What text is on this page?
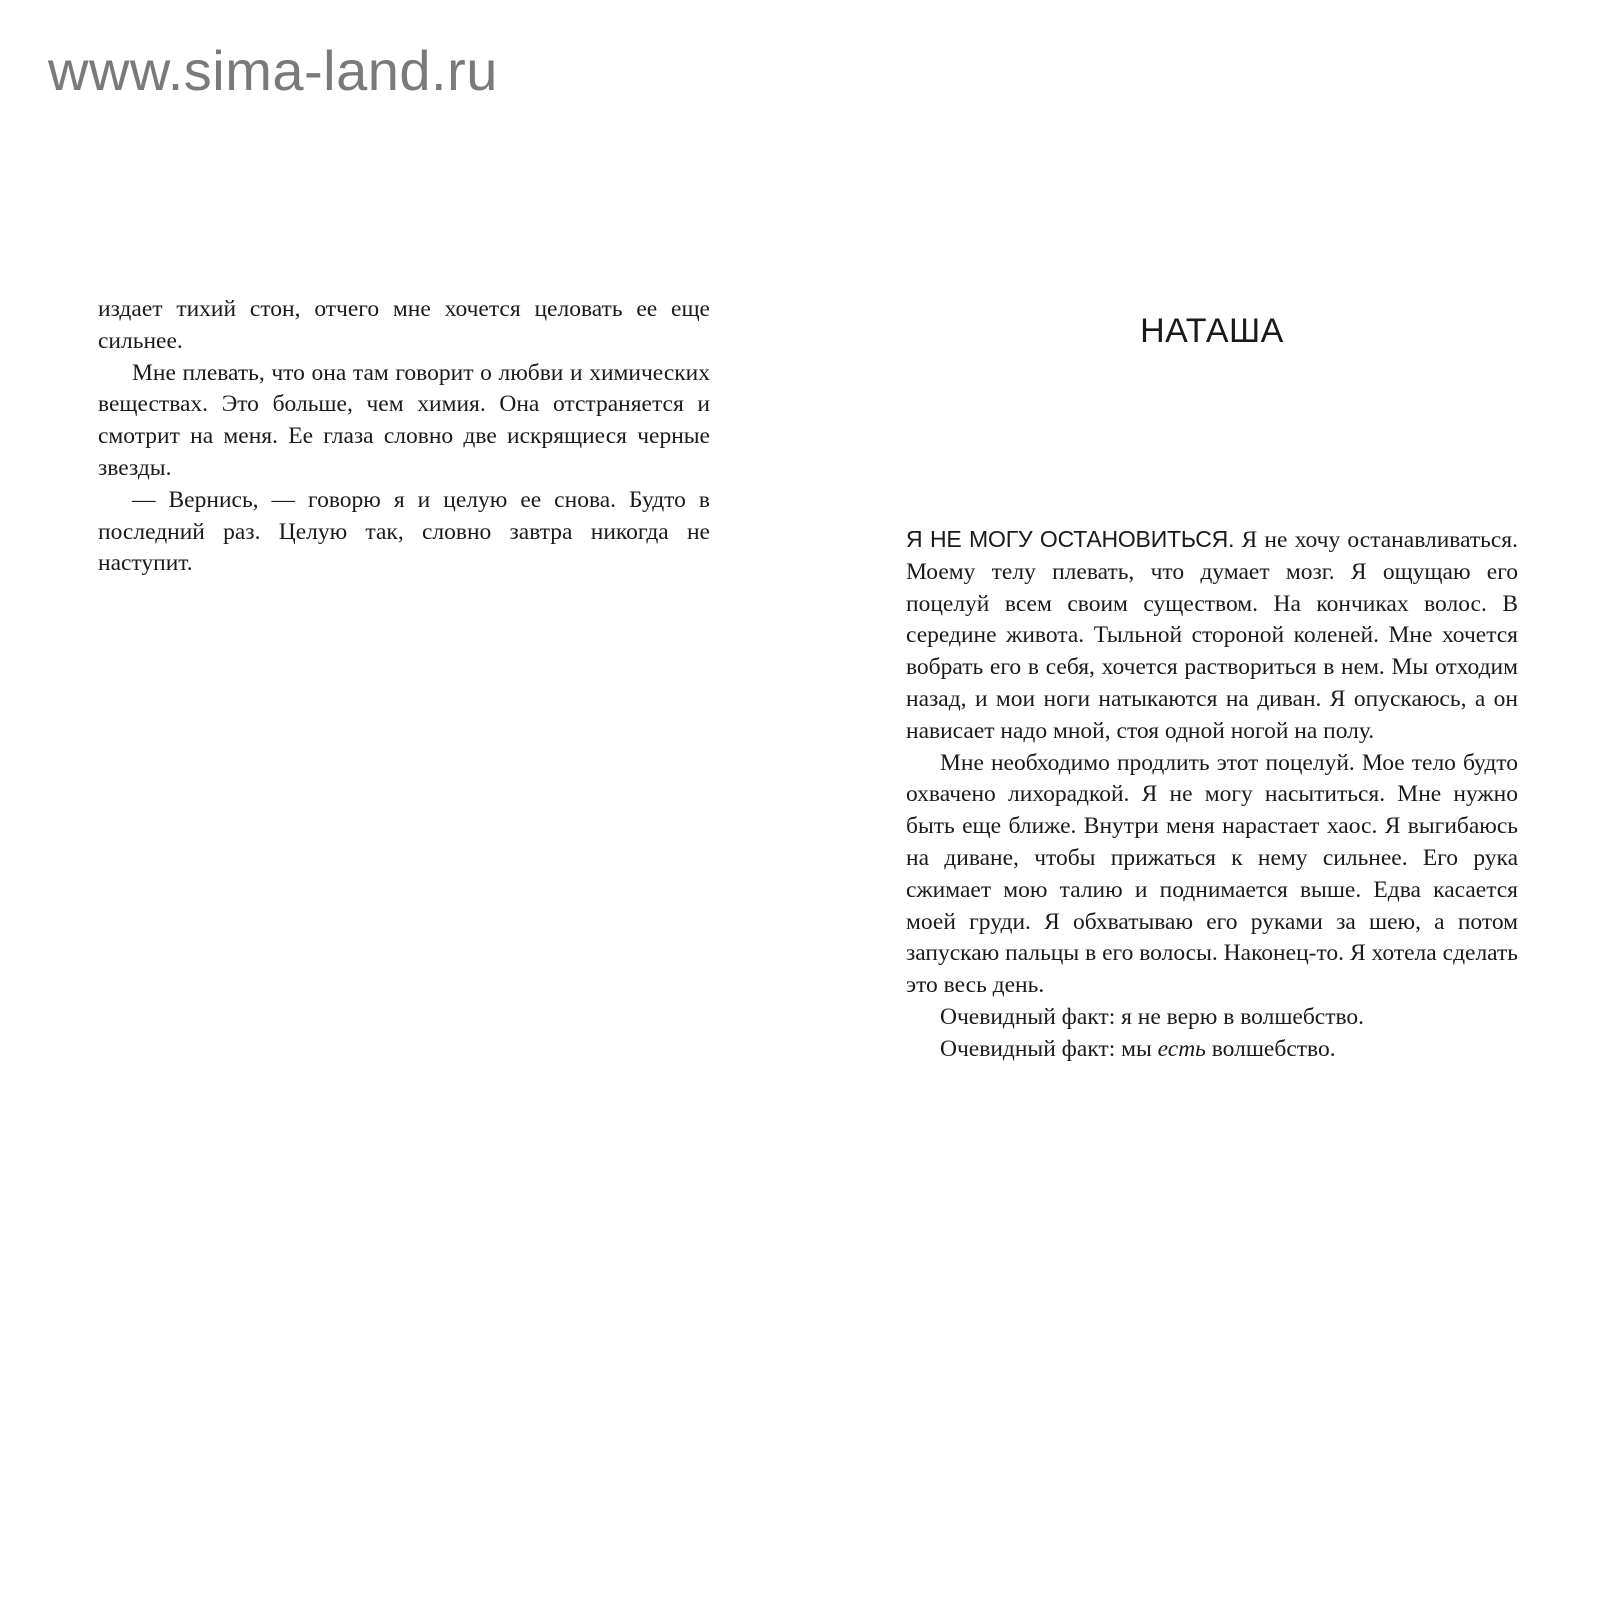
www.sima-land.ru

издает тихий стон, отчего мне хочется целовать ее еще сильнее.

Мне плевать, что она там говорит о любви и химических веществах. Это больше, чем химия. Она отстраняется и смотрит на меня. Ее глаза словно две искрящиеся черные звезды.

— Вернись, — говорю я и целую ее снова. Будто в последний раз. Целую так, словно завтра никогда не наступит.

НАТАША

Я НЕ МОГУ ОСТАНОВИТЬСЯ. Я не хочу останавливаться. Моему телу плевать, что думает мозг. Я ощущаю его поцелуй всем своим существом. На кончиках волос. В середине живота. Тыльной стороной коленей. Мне хочется вобрать его в себя, хочется раствориться в нем. Мы отходим назад, и мои ноги натыкаются на диван. Я опускаюсь, а он нависает надо мной, стоя одной ногой на полу.

Мне необходимо продлить этот поцелуй. Мое тело будто охвачено лихорадкой. Я не могу насытиться. Мне нужно быть еще ближе. Внутри меня нарастает хаос. Я выгибаюсь на диване, чтобы прижаться к нему сильнее. Его рука сжимает мою талию и поднимается выше. Едва касается моей груди. Я обхватываю его руками за шею, а потом запускаю пальцы в его волосы. Наконец-то. Я хотела сделать это весь день.

Очевидный факт: я не верю в волшебство.

Очевидный факт: мы есть волшебство.
